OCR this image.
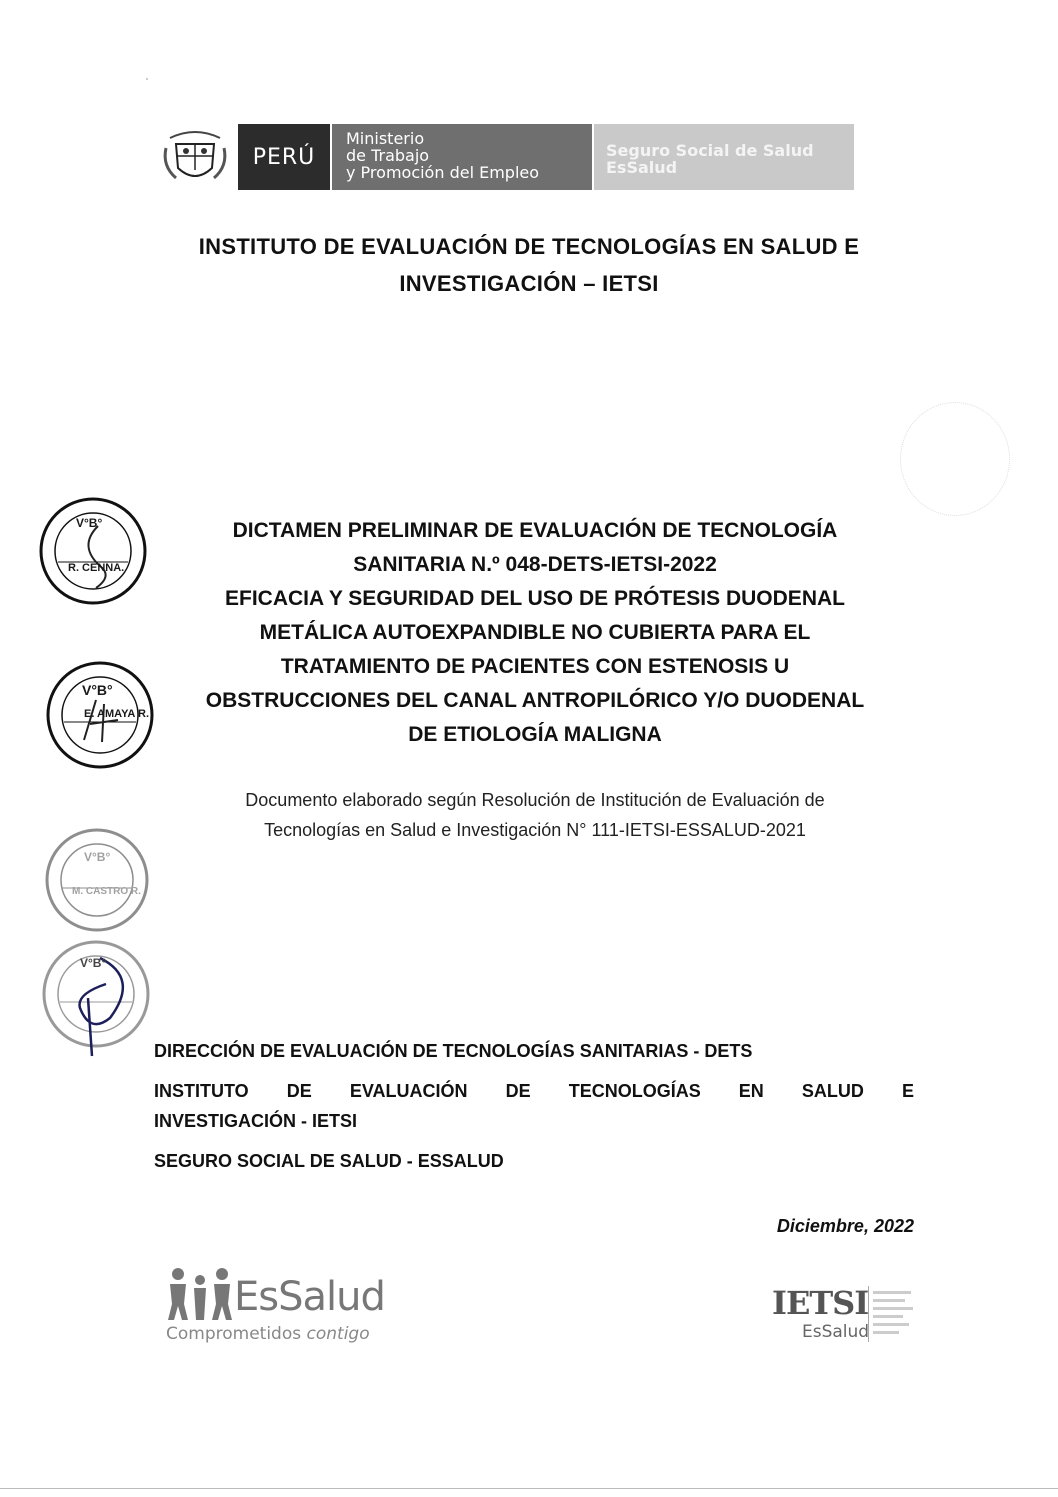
PERÚ
Ministerio
de Trabajo
y Promoción del Empleo
Seguro Social de Salud
EsSalud
INSTITUTO DE EVALUACIÓN DE TECNOLOGÍAS EN SALUD E
INVESTIGACIÓN – IETSI
V°B°
R. CENNA.
V°B°
E. AMAYA R.
V°B°
M. CASTRO R.
V°B°
DICTAMEN PRELIMINAR DE EVALUACIÓN DE TECNOLOGÍA
SANITARIA N.º 048-DETS-IETSI-2022
EFICACIA Y SEGURIDAD DEL USO DE PRÓTESIS DUODENAL
METÁLICA AUTOEXPANDIBLE NO CUBIERTA PARA EL
TRATAMIENTO DE PACIENTES CON ESTENOSIS U
OBSTRUCCIONES DEL CANAL ANTROPILÓRICO Y/O DUODENAL
DE ETIOLOGÍA MALIGNA
Documento elaborado según Resolución de Institución de Evaluación de
Tecnologías en Salud e Investigación N° 111-IETSI-ESSALUD-2021
DIRECCIÓN DE EVALUACIÓN DE TECNOLOGÍAS SANITARIAS - DETS
INSTITUTO DE EVALUACIÓN DE TECNOLOGÍAS EN SALUD E
INVESTIGACIÓN - IETSI
SEGURO SOCIAL DE SALUD - ESSALUD
Diciembre, 2022
EsSalud
Comprometidos contigo
IETSI
EsSalud
